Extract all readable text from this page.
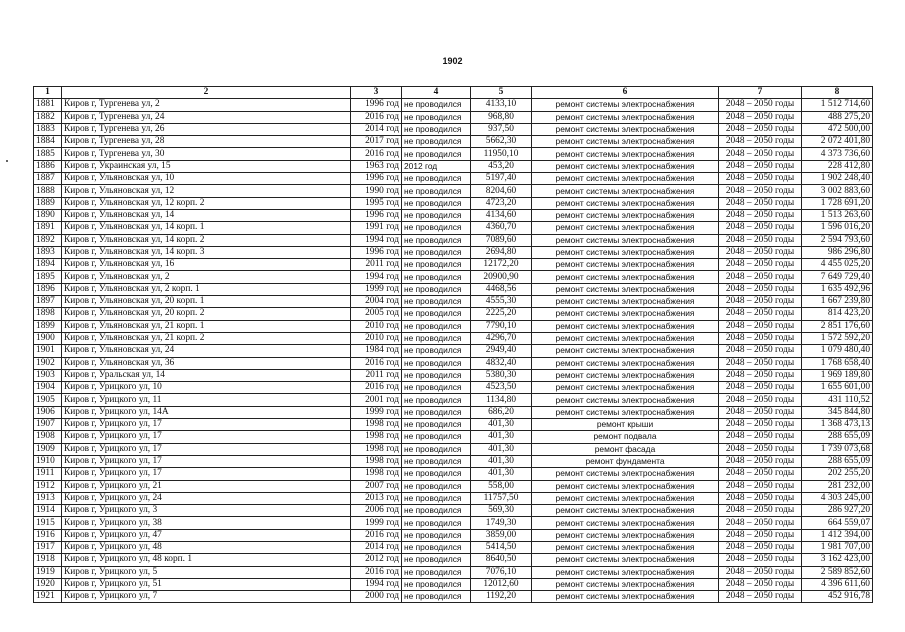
1902
1	2	3	4	5	6	7	8
1881	Киров г, Тургенева ул, 2	1996 год	не проводился	4133,10	ремонт системы электроснабжения	2048 – 2050 годы	1 512 714,60
1882	Киров г, Тургенева ул, 24	2016 год	не проводился	968,80	ремонт системы электроснабжения	2048 – 2050 годы	488 275,20
1883	Киров г, Тургенева ул, 26	2014 год	не проводился	937,50	ремонт системы электроснабжения	2048 – 2050 годы	472 500,00
1884	Киров г, Тургенева ул, 28	2017 год	не проводился	5662,30	ремонт системы электроснабжения	2048 – 2050 годы	2 072 401,80
1885	Киров г, Тургенева ул, 30	2016 год	не проводился	11950,10	ремонт системы электроснабжения	2048 – 2050 годы	4 373 736,60
1886	Киров г, Украинская ул, 15	1963 год	2012 год	453,20	ремонт системы электроснабжения	2048 – 2050 годы	228 412,80
1887	Киров г, Ульяновская ул, 10	1996 год	не проводился	5197,40	ремонт системы электроснабжения	2048 – 2050 годы	1 902 248,40
1888	Киров г, Ульяновская ул, 12	1990 год	не проводился	8204,60	ремонт системы электроснабжения	2048 – 2050 годы	3 002 883,60
1889	Киров г, Ульяновская ул, 12 корп. 2	1995 год	не проводился	4723,20	ремонт системы электроснабжения	2048 – 2050 годы	1 728 691,20
1890	Киров г, Ульяновская ул, 14	1996 год	не проводился	4134,60	ремонт системы электроснабжения	2048 – 2050 годы	1 513 263,60
1891	Киров г, Ульяновская ул, 14 корп. 1	1991 год	не проводился	4360,70	ремонт системы электроснабжения	2048 – 2050 годы	1 596 016,20
1892	Киров г, Ульяновская ул, 14 корп. 2	1994 год	не проводился	7089,60	ремонт системы электроснабжения	2048 – 2050 годы	2 594 793,60
1893	Киров г, Ульяновская ул, 14 корп. 3	1996 год	не проводился	2694,80	ремонт системы электроснабжения	2048 – 2050 годы	986 296,80
1894	Киров г, Ульяновская ул, 16	2011 год	не проводился	12172,20	ремонт системы электроснабжения	2048 – 2050 годы	4 455 025,20
1895	Киров г, Ульяновская ул, 2	1994 год	не проводился	20900,90	ремонт системы электроснабжения	2048 – 2050 годы	7 649 729,40
1896	Киров г, Ульяновская ул, 2 корп. 1	1999 год	не проводился	4468,56	ремонт системы электроснабжения	2048 – 2050 годы	1 635 492,96
1897	Киров г, Ульяновская ул, 20 корп. 1	2004 год	не проводился	4555,30	ремонт системы электроснабжения	2048 – 2050 годы	1 667 239,80
1898	Киров г, Ульяновская ул, 20 корп. 2	2005 год	не проводился	2225,20	ремонт системы электроснабжения	2048 – 2050 годы	814 423,20
1899	Киров г, Ульяновская ул, 21 корп. 1	2010 год	не проводился	7790,10	ремонт системы электроснабжения	2048 – 2050 годы	2 851 176,60
1900	Киров г, Ульяновская ул, 21 корп. 2	2010 год	не проводился	4296,70	ремонт системы электроснабжения	2048 – 2050 годы	1 572 592,20
1901	Киров г, Ульяновская ул, 24	1984 год	не проводился	2949,40	ремонт системы электроснабжения	2048 – 2050 годы	1 079 480,40
1902	Киров г, Ульяновская ул, 36	2016 год	не проводился	4832,40	ремонт системы электроснабжения	2048 – 2050 годы	1 768 658,40
1903	Киров г, Уральская ул, 14	2011 год	не проводился	5380,30	ремонт системы электроснабжения	2048 – 2050 годы	1 969 189,80
1904	Киров г, Урицкого ул, 10	2016 год	не проводился	4523,50	ремонт системы электроснабжения	2048 – 2050 годы	1 655 601,00
1905	Киров г, Урицкого ул, 11	2001 год	не проводился	1134,80	ремонт системы электроснабжения	2048 – 2050 годы	431 110,52
1906	Киров г, Урицкого ул, 14А	1999 год	не проводился	686,20	ремонт системы электроснабжения	2048 – 2050 годы	345 844,80
1907	Киров г, Урицкого ул, 17	1998 год	не проводился	401,30	ремонт крыши	2048 – 2050 годы	1 368 473,13
1908	Киров г, Урицкого ул, 17	1998 год	не проводился	401,30	ремонт подвала	2048 – 2050 годы	288 655,09
1909	Киров г, Урицкого ул, 17	1998 год	не проводился	401,30	ремонт фасада	2048 – 2050 годы	1 739 073,68
1910	Киров г, Урицкого ул, 17	1998 год	не проводился	401,30	ремонт фундамента	2048 – 2050 годы	288 655,09
1911	Киров г, Урицкого ул, 17	1998 год	не проводился	401,30	ремонт системы электроснабжения	2048 – 2050 годы	202 255,20
1912	Киров г, Урицкого ул, 21	2007 год	не проводился	558,00	ремонт системы электроснабжения	2048 – 2050 годы	281 232,00
1913	Киров г, Урицкого ул, 24	2013 год	не проводился	11757,50	ремонт системы электроснабжения	2048 – 2050 годы	4 303 245,00
1914	Киров г, Урицкого ул, 3	2006 год	не проводился	569,30	ремонт системы электроснабжения	2048 – 2050 годы	286 927,20
1915	Киров г, Урицкого ул, 38	1999 год	не проводился	1749,30	ремонт системы электроснабжения	2048 – 2050 годы	664 559,07
1916	Киров г, Урицкого ул, 47	2016 год	не проводился	3859,00	ремонт системы электроснабжения	2048 – 2050 годы	1 412 394,00
1917	Киров г, Урицкого ул, 48	2014 год	не проводился	5414,50	ремонт системы электроснабжения	2048 – 2050 годы	1 981 707,00
1918	Киров г, Урицкого ул, 48 корп. 1	2012 год	не проводился	8640,50	ремонт системы электроснабжения	2048 – 2050 годы	3 162 423,00
1919	Киров г, Урицкого ул, 5	2016 год	не проводился	7076,10	ремонт системы электроснабжения	2048 – 2050 годы	2 589 852,60
1920	Киров г, Урицкого ул, 51	1994 год	не проводился	12012,60	ремонт системы электроснабжения	2048 – 2050 годы	4 396 611,60
1921	Киров г, Урицкого ул, 7	2000 год	не проводился	1192,20	ремонт системы электроснабжения	2048 – 2050 годы	452 916,78
